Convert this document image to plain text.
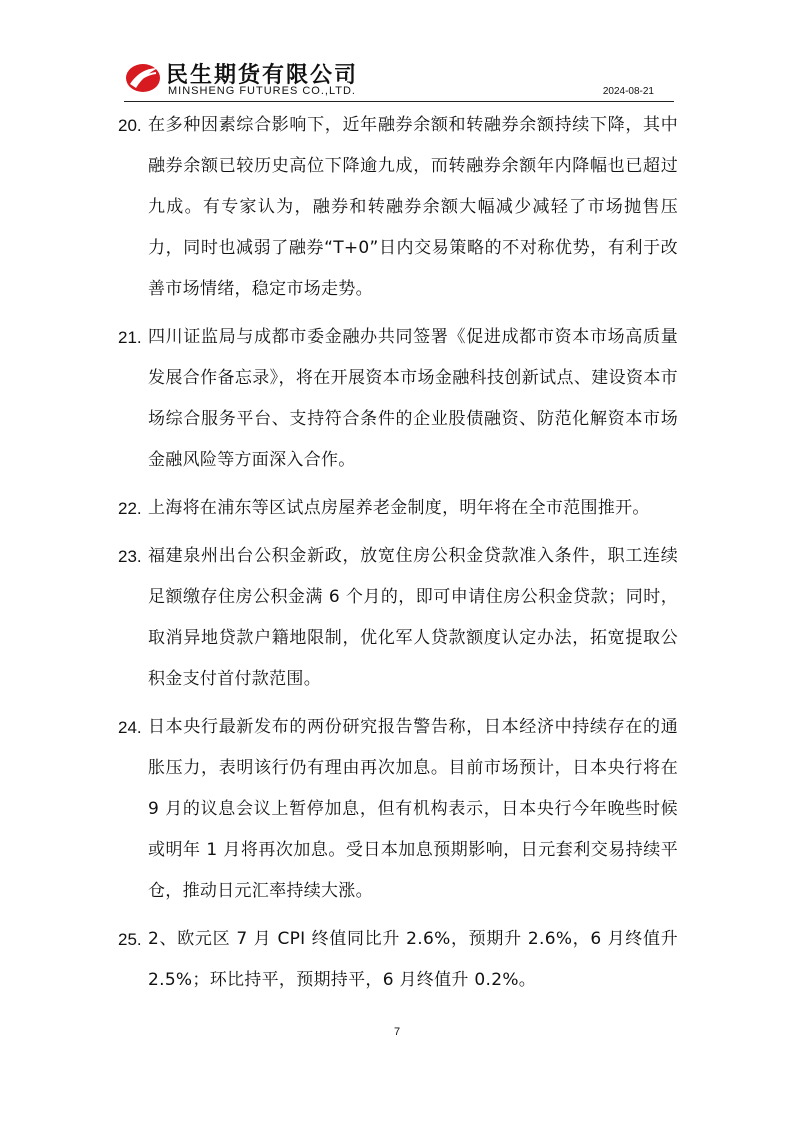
民生期货有限公司
MINSHENG FUTURES CO.,LTD.	2024-08-21
20. 在多种因素综合影响下，近年融券余额和转融券余额持续下降，其中融券余额已较历史高位下降逾九成，而转融券余额年内降幅也已超过九成。有专家认为，融券和转融券余额大幅减少减轻了市场抛售压力，同时也减弱了融券“T+0”日内交易策略的不对称优势，有利于改善市场情绪，稳定市场走势。
21. 四川证监局与成都市委金融办共同签署《促进成都市资本市场高质量发展合作备忘录》，将在开展资本市场金融科技创新试点、建设资本市场综合服务平台、支持符合条件的企业股债融资、防范化解资本市场金融风险等方面深入合作。
22. 上海将在浦东等区试点房屋养老金制度，明年将在全市范围推开。
23. 福建泉州出台公积金新政，放宽住房公积金贷款准入条件，职工连续足额缴存住房公积金满 6 个月的，即可申请住房公积金贷款；同时，取消异地贷款户籍地限制，优化军人贷款额度认定办法，拓宽提取公积金支付首付款范围。
24. 日本央行最新发布的两份研究报告警告称，日本经济中持续存在的通胀压力，表明该行仍有理由再次加息。目前市场预计，日本央行将在 9 月的议息会议上暂停加息，但有机构表示，日本央行今年晚些时候或明年 1 月将再次加息。受日本加息预期影响，日元套利交易持续平仓，推动日元汇率持续大涨。
25. 2、欧元区 7 月 CPI 终值同比升 2.6%，预期升 2.6%，6 月终值升 2.5%；环比持平，预期持平，6 月终值升 0.2%。
7
